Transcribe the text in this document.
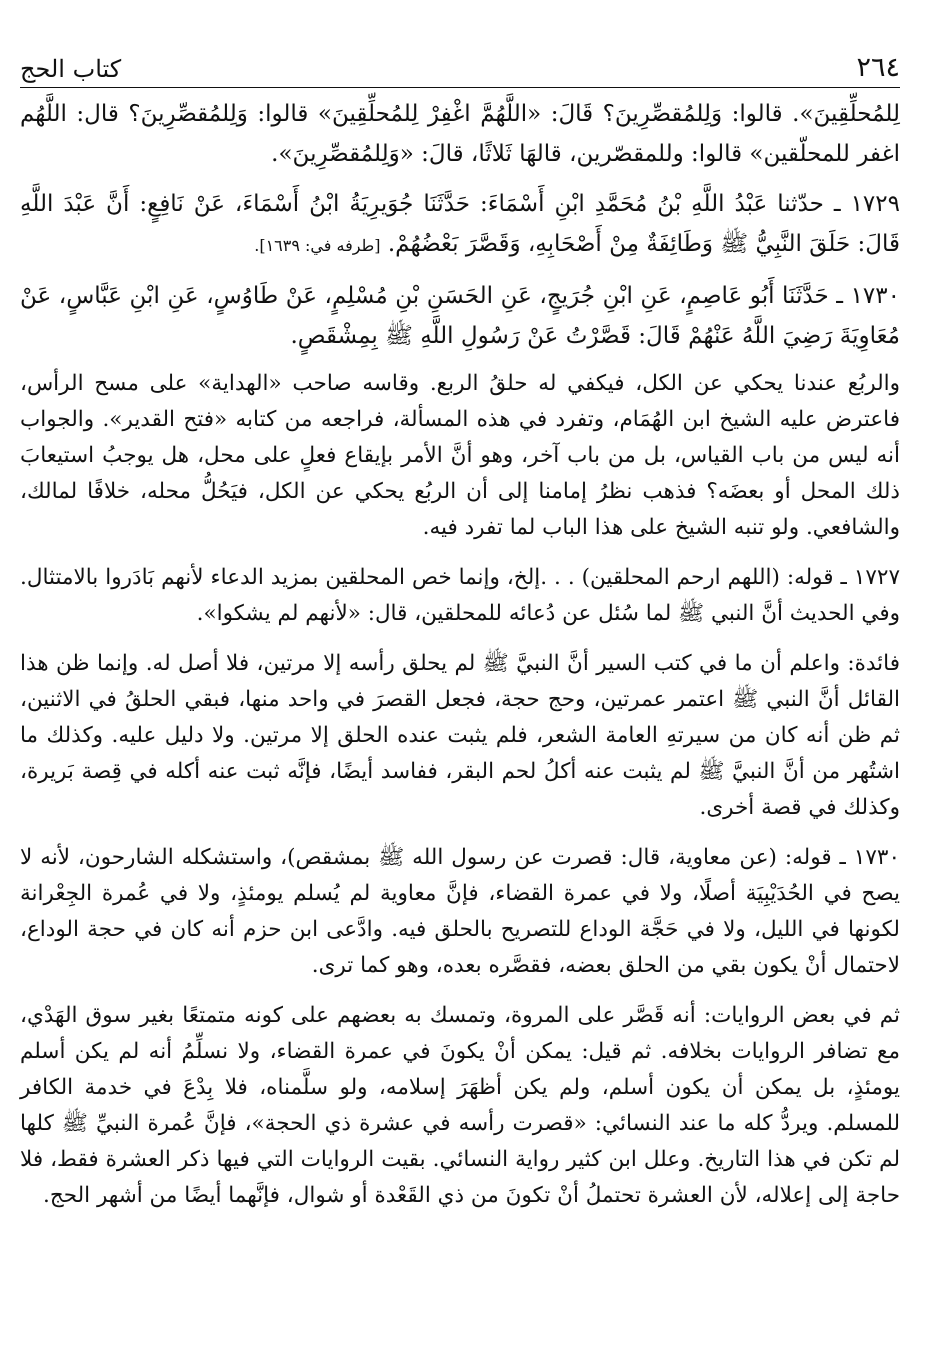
٢٦٤
كتاب الحج

لِلمُحلِّقِينَ». قالوا: وَلِلمُقصِّرِينَ؟ قَالَ: «اللَّهُمَّ اغْفِرْ لِلمُحلِّقِينَ» قالوا: وَلِلمُقصِّرِينَ؟ قال: اللَّهُم اغفر للمحلّقين» قالوا: وللمقصّرين، قالهَا ثَلاثًا، قالَ: «وَلِلمُقصِّرِينَ».

١٧٢٩ ـ حدّثنا عَبْدُ اللَّهِ بْنُ مُحَمَّدِ ابْنِ أَسْمَاءَ: حَدَّثَنَا جُوَيرِيَةُ ابْنُ أَسْمَاءَ، عَنْ نَافِعٍ: أَنَّ عَبْدَ اللَّهِ قَالَ: حَلَقَ النَّبِيُّ ﷺ وَطَائِفَةٌ مِنْ أَصْحَابِهِ، وَقَصَّرَ بَعْضُهُمْ. [طرفه في: ١٦٣٩].

١٧٣٠ ـ حَدَّثَنَا أَبُو عَاصِمٍ، عَنِ ابْنِ جُرَيجٍ، عَنِ الحَسَنِ بْنِ مُسْلِمٍ، عَنْ طَاوُسٍ، عَنِ ابْنِ عَبَّاسٍ، عَنْ مُعَاوِيَةَ رَضِيَ اللَّهُ عَنْهُمْ قَالَ: قَصَّرْتُ عَنْ رَسُولِ اللَّهِ ﷺ بِمِشْقَصٍ.

والربُع عندنا يحكي عن الكل، فيكفي له حلقُ الربع. وقاسه صاحب «الهداية» على مسح الرأس، فاعترض عليه الشيخ ابن الهُمَام، وتفرد في هذه المسألة، فراجعه من كتابه «فتح القدير». والجواب أنه ليس من باب القياس، بل من باب آخر، وهو أنَّ الأمر بإيقاع فعلٍ على محل، هل يوجبُ استيعابَ ذلك المحل أو بعضَه؟ فذهب نظرُ إمامنا إلى أن الربُع يحكي عن الكل، فيَحُلُّ محله، خلافًا لمالك، والشافعي. ولو تنبه الشيخ على هذا الباب لما تفرد فيه.

١٧٢٧ ـ قوله: (اللهم ارحم المحلقين) . . .إلخ، وإنما خص المحلقين بمزيد الدعاء لأنهم بَادَروا بالامتثال. وفي الحديث أنَّ النبي ﷺ لما سُئل عن دُعائه للمحلقين، قال: «لأنهم لم يشكوا».

فائدة: واعلم أن ما في كتب السير أنَّ النبيَّ ﷺ لم يحلق رأسه إلا مرتين، فلا أصل له. وإنما ظن هذا القائل أنَّ النبي ﷺ اعتمر عمرتين، وحج حجة، فجعل القصرَ في واحد منها، فبقي الحلقُ في الاثنين، ثم ظن أنه كان من سيرتهِ العامة الشعر، فلم يثبت عنده الحلق إلا مرتين. ولا دليل عليه. وكذلك ما اشتُهر من أنَّ النبيَّ ﷺ لم يثبت عنه أكلُ لحم البقر، ففاسد أيضًا، فإنَّه ثبت عنه أكله في قِصة بَريرة، وكذلك في قصة أخرى.

١٧٣٠ ـ قوله: (عن معاوية، قال: قصرت عن رسول الله ﷺ بمشقص)، واستشكله الشارحون، لأنه لا يصح في الحُدَيْبِيَة أصلًا، ولا في عمرة القضاء، فإنَّ معاوية لم يُسلم يومئذٍ، ولا في عُمرة الجِعْرانة لكونها في الليل، ولا في حَجَّة الوداع للتصريح بالحلق فيه. وادَّعى ابن حزم أنه كان في حجة الوداع، لاحتمال أنْ يكون بقي من الحلق بعضه، فقصَّره بعده، وهو كما ترى.

ثم في بعض الروايات: أنه قَصَّر على المروة، وتمسك به بعضهم على كونه متمتعًا بغير سوق الهَدْي، مع تضافر الروايات بخلافه. ثم قيل: يمكن أنْ يكونَ في عمرة القضاء، ولا نسلِّمُ أنه لم يكن أسلم يومئذٍ، بل يمكن أن يكون أسلم، ولم يكن أظهَرَ إسلامه، ولو سلَّمناه، فلا بِدْعَ في خدمة الكافر للمسلم. ويردُّ كله ما عند النسائي: «قصرت رأسه في عشرة ذي الحجة»، فإنَّ عُمرة النبيِّ ﷺ كلها لم تكن في هذا التاريخ. وعلل ابن كثير رواية النسائي. بقيت الروايات التي فيها ذكر العشرة فقط، فلا حاجة إلى إعلاله، لأن العشرة تحتملُ أنْ تكونَ من ذي القَعْدة أو شوال، فإنَّهما أيضًا من أشهر الحج.
